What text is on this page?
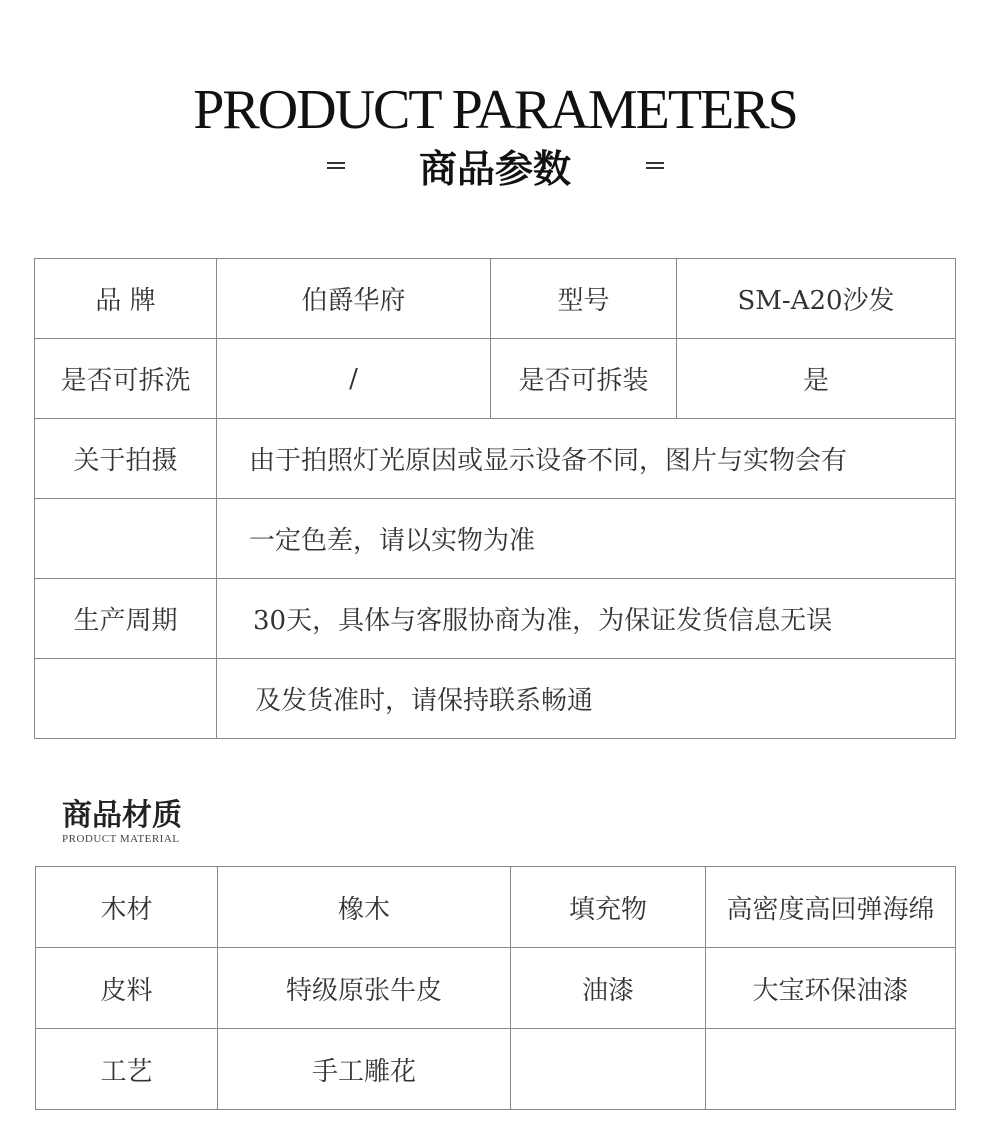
PRODUCT PARAMETERS
商品参数
品 牌	伯爵华府	型号	SM-A20沙发
是否可拆洗	/	是否可拆装	是
关于拍摄	由于拍照灯光原因或显示设备不同，图片与实物会有		
	一定色差，请以实物为准		
生产周期	30天，具体与客服协商为准，为保证发货信息无误		
	及发货准时，请保持联系畅通		
商品材质
PRODUCT MATERIAL
木材	橡木	填充物	高密度高回弹海绵
皮料	特级原张牛皮	油漆	大宝环保油漆
工艺	手工雕花		
